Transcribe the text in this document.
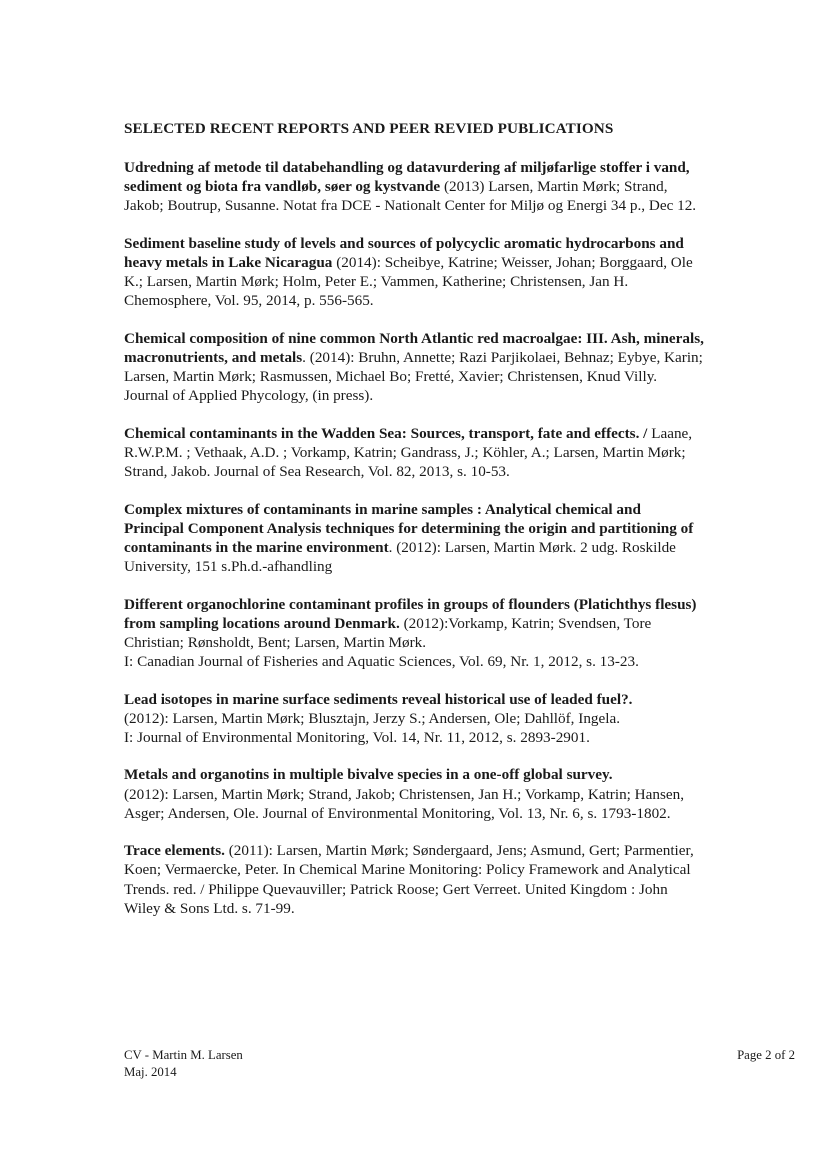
SELECTED RECENT REPORTS AND PEER REVIED PUBLICATIONS
Udredning af metode til databehandling og datavurdering af miljøfarlige stoffer i vand, sediment og biota fra vandløb, søer og kystvande (2013) Larsen, Martin Mørk; Strand, Jakob; Boutrup, Susanne. Notat fra DCE - Nationalt Center for Miljø og Energi 34 p., Dec 12.
Sediment baseline study of levels and sources of polycyclic aromatic hydrocarbons and heavy metals in Lake Nicaragua (2014): Scheibye, Katrine; Weisser, Johan; Borggaard, Ole K.; Larsen, Martin Mørk; Holm, Peter E.; Vammen, Katherine; Christensen, Jan H. Chemosphere, Vol. 95, 2014, p. 556-565.
Chemical composition of nine common North Atlantic red macroalgae: III. Ash, minerals, macronutrients, and metals. (2014): Bruhn, Annette; Razi Parjikolaei, Behnaz; Eybye, Karin; Larsen, Martin Mørk; Rasmussen, Michael Bo; Fretté, Xavier; Christensen, Knud Villy. Journal of Applied Phycology, (in press).
Chemical contaminants in the Wadden Sea: Sources, transport, fate and effects. / Laane, R.W.P.M. ; Vethaak, A.D. ; Vorkamp, Katrin; Gandrass, J.; Köhler, A.; Larsen, Martin Mørk; Strand, Jakob. Journal of Sea Research, Vol. 82, 2013, s. 10-53.
Complex mixtures of contaminants in marine samples : Analytical chemical and Principal Component Analysis techniques for determining the origin and partitioning of contaminants in the marine environment. (2012): Larsen, Martin Mørk. 2 udg. Roskilde University, 151 s.Ph.d.-afhandling
Different organochlorine contaminant profiles in groups of flounders (Platichthys flesus) from sampling locations around Denmark. (2012):Vorkamp, Katrin; Svendsen, Tore Christian; Rønsholdt, Bent; Larsen, Martin Mørk.
I: Canadian Journal of Fisheries and Aquatic Sciences, Vol. 69, Nr. 1, 2012, s. 13-23.
Lead isotopes in marine surface sediments reveal historical use of leaded fuel?.
(2012): Larsen, Martin Mørk; Blusztajn, Jerzy S.; Andersen, Ole; Dahllöf, Ingela.
I: Journal of Environmental Monitoring, Vol. 14, Nr. 11, 2012, s. 2893-2901.
Metals and organotins in multiple bivalve species in a one-off global survey.
(2012): Larsen, Martin Mørk; Strand, Jakob; Christensen, Jan H.; Vorkamp, Katrin; Hansen, Asger; Andersen, Ole. Journal of Environmental Monitoring, Vol. 13, Nr. 6, s. 1793-1802.
Trace elements. (2011): Larsen, Martin Mørk; Søndergaard, Jens; Asmund, Gert; Parmentier, Koen; Vermaercke, Peter. In Chemical Marine Monitoring: Policy Framework and Analytical Trends. red. / Philippe Quevauviller; Patrick Roose; Gert Verreet. United Kingdom : John Wiley & Sons Ltd. s. 71-99.
CV - Martin M. Larsen
Maj. 2014
Page 2 of 2
